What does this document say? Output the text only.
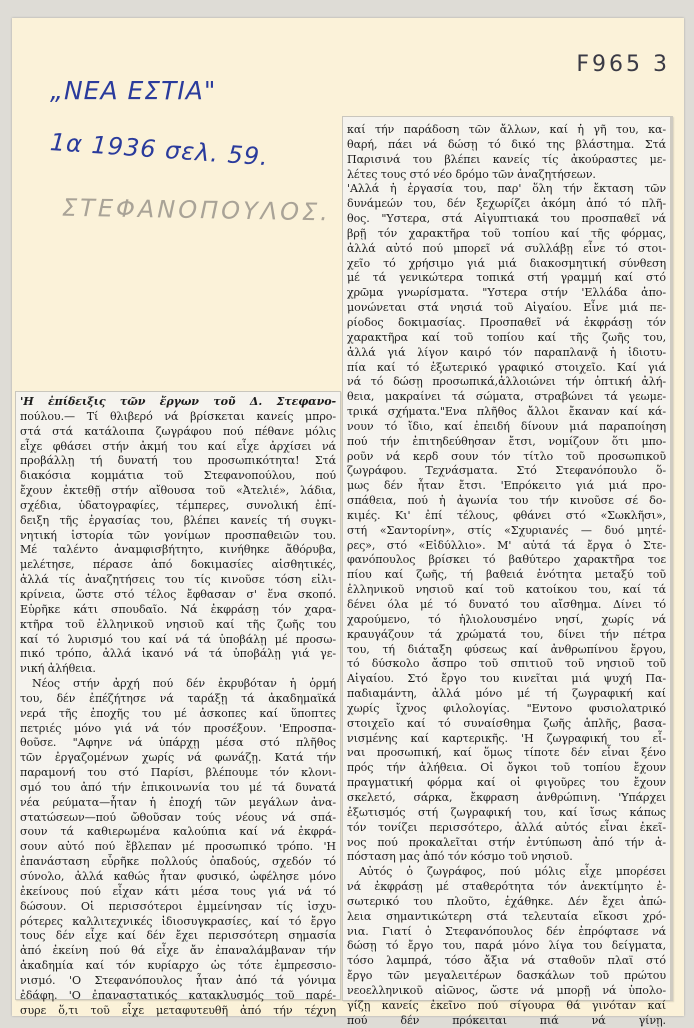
„ΝΕΑ ΕΣΤΙΑ"
1α 1936 σελ. 59.
F965 3
ΣΤΕΦΑΝΟΠΟΥΛΟΣ.
'Η ἐπίδειξις τῶν ἔργων τοῦ Δ. Στεφανο-
πούλου.— Τί θλιβερό νά βρίσκεται κανείς μπρο-
στά στά κατάλοιπα ζωγράφου πού πέθανε μόλις
εἶχε φθάσει στήν ἀκμή του καί εἶχε ἀρχίσει νά
προβάλλῃ τή δυνατή του προσωπικότητα! Στά
διακόσια κομμάτια τοῦ Στεφανοπούλου, πού
ἔχουν ἐκτεθῇ στήν αἴθουσα τοῦ «Ἀτελιέ», λάδια,
σχέδια, ὑδατογραφίες, τέμπερες, συνολική ἐπί-
δειξη τῆς ἐργασίας του, βλέπει κανείς τή συγκι-
νητική ἱστορία τῶν γονίμων προσπαθειῶν του.
Μέ ταλέντο ἀναμφισβήτητο, κινήθηκε ἄθόρυβα,
μελέτησε, πέρασε ἀπό δοκιμασίες αἰσθητικές,
ἀλλά τίς ἀναζητήσεις του τίς κινοῦσε τόση εἰλι-
κρίνεια, ὥστε στό τέλος ἔφθασαν σ' ἕνα σκοπό.
Εὑρῆκε κάτι σπουδαῖο. Νά ἐκφράσῃ τόν χαρα-
κτῆρα τοῦ ἑλληνικοῦ νησιοῦ καί τῆς ζωῆς του
καί τό λυρισμό του καί νά τά ὑποβάλῃ μέ προσω-
πικό τρόπο, ἀλλά ἱκανό νά τά ὑποβάλῃ γιά γε-
νική ἀλήθεια.
Νέος στήν ἀρχή πού δέν ἐκρυβόταν ἡ ὁρμή
του, δέν ἐπέζήτησε νά ταράξῃ τά ἀκαδημαϊκά
νερά τῆς ἐποχῆς του μέ ἀσκοπες καί ὕποπτες
πετριές μόνο γιά νά τόν προσέξουν. 'Επροσπα-
θοῦσε. "Αφηνε νά ὑπάρχῃ μέσα στό πλῆθος
τῶν ἐργαζομένων χωρίς νά φωνάζῃ. Κατά τήν
παραμονή του στό Παρίσι, βλέπουμε τόν κλονι-
σμό του ἀπό τήν ἐπικοινωνία του μέ τά δυνατά
νέα ρεύματα—ἦταν ἡ ἐποχή τῶν μεγάλων ἀνα-
στατώσεων—πού ὤθοῦσαν τούς νέους νά σπά-
σουν τά καθιερωμένα καλούπια καί νά ἐκφρά-
σουν αὐτό πού ἔβλεπαν μέ προσωπικό τρόπο. 'Η
ἐπανάσταση εὗρῆκε πολλούς ὀπαδούς, σχεδόν τό
σύνολο, ἀλλά καθώς ἦταν φυσικό, ὠφέλησε μόνο
ἐκείνους πού εἶχαν κάτι μέσα τους γιά νά τό
δώσουν. Οἱ περισσότεροι ἐμμείνησαν τίς ἰσχυ-
ρότερες καλλιτεχνικές ἰδιοσυγκρασίες, καί τό ἔργο
τους δέν εἶχε καί δέν ἔχει περισσότερη σημασία
ἀπό ἐκείνη πού θά εἶχε ἄν ἐπαναλάμβαναν τήν
ἀκαδημία καί τόν κυρίαρχο ὡς τότε ἐμπρεσσιο-
νισμό. 'Ο Στεφανόπουλος ἦταν ἀπό τά γόνιμα
ἐδάφη. 'Ο ἐπαναστατικός κατακλυσμός τοῦ παρέ-
συρε ὅ,τι τοῦ εἶχε μεταφυτευθῆ ἀπό τήν τέχνη
καί τήν παράδοση τῶν ἄλλων, καί ἡ γῆ του, κα-
θαρή, πάει νά δώσῃ τό δικό της βλάστημα. Στά
Παρισινά του βλέπει κανείς τίς ἀκούραστες με-
λέτες τους στό νέο δρόμο τῶν ἀναζητήσεων.
'Αλλά ἡ ἐργασία του, παρ' ὅλη τήν ἔκταση τῶν
δυνάμεών του, δέν ξεχωρίζει ἀκόμη ἀπό τό πλῆ-
θος. "Υστερα, στά Αἰγυπτιακά του προσπαθεῖ νά
βρῇ τόν χαρακτῆρα τοῦ τοπίου καί τῆς φόρμας,
ἀλλά αὐτό πού μπορεῖ νά συλλάβῃ εἶνε τό στοι-
χεῖο τό χρήσιμο γιά μιά διακοσμητική σύνθεση
μέ τά γενικώτερα τοπικά στή γραμμή καί στό
χρῶμα γνωρίσματα. "Υστερα στήν 'Ελλάδα ἀπο-
μονώνεται στά νησιά τοῦ Αἰγαίου. Εἶνε μιά πε-
ρίοδος δοκιμασίας. Προσπαθεῖ νά ἐκφράσῃ τόν
χαρακτῆρα καί τοῦ τοπίου καί τῆς ζωῆς του,
ἀλλά γιά λίγον καιρό τόν παραπλανᾷ ἡ ἰδιοτυ-
πία καί τό ἐξωτερικό γραφικό στοιχεῖο. Καί γιά
νά τό δώσῃ προσωπικά,ἀλλοιώνει τήν ὀπτική ἀλή-
θεια, μακραίνει τά σώματα, στραβώνει τά γεωμε-
τρικά σχήματα."Ενα πλῆθος ἄλλοι ἔκαναν καί κά-
νουν τό ἴδιο, καί ἐπειδή δίνουν μιά παραποίηση
πού τήν ἐπιτηδεύθησαν ἔτσι, νομίζουν ὅτι μπο-
ροῦν νά κερδ σουν τόν τίτλο τοῦ προσωπικοῦ
ζωγράφου. Τεχνάσματα. Στό Στεφανόπουλο ὅ-
μως δέν ἦταν ἔτσι. 'Επρόκειτο γιά μιά προ-
σπάθεια, πού ἡ ἀγωνία του τήν κινοῦσε σέ δο-
κιμές. Κι' ἐπί τέλους, φθάνει στό «Σωκλῆσι»,
στή «Σαντορίνη», στίς «Σχυριανές — δυό μητέ-
ρες», στό «Εἰδύλλιο». Μ' αὐτά τά ἔργα ὁ Στε-
φανόπουλος βρίσκει τό βαθύτερο χαρακτῆρα τοε
πίου καί ζωῆς, τή βαθειά ἑνότητα μεταξύ τοῦ
ἑλληνικοῦ νησιοῦ καί τοῦ κατοίκου του, καί τά
δένει όλα μέ τό δυνατό του αἴσθημα. Δίνει τό
χαρούμενο, τό ἡλιολουσμένο νησί, χωρίς νά
κραυγάζουν τά χρώματά του, δίνει τήν πέτρα
του, τή διάταξη φύσεως καί ἀνθρωπίνου ἔργου,
τό δύσκολο ἄσπρο τοῦ σπιτιοῦ τοῦ νησιοῦ τοῦ
Αἰγαίου. Στό ἔργο του κινεῖται μιά ψυχή Πα-
παδιαμάντη, ἀλλά μόνο μέ τή ζωγραφική καί
χωρίς ἴχνος φιλολογίας. "Εντονο φυσιολατρικό
στοιχεῖο καί τό συναίσθημα ζωῆς ἁπλῆς, βασα-
νισμένης καί καρτερικῆς. 'Η ζωγραφική του εἶ-
ναι προσωπική, καί ὅμως τίποτε δέν εἶναι ξένο
πρός τήν ἀλήθεια. Οἱ ὄγκοι τοῦ τοπίου ἔχουν
πραγματική φόρμα καί οἱ φιγοῦρες του ἔχουν
σκελετό, σάρκα, ἔκφραση ἀνθρώπινη. 'Υπάρχει
ἐξωτισμός στή ζωγραφική του, καί ἴσως κάπως
τόν τονίζει περισσότερο, ἀλλά αὐτός εἶναι ἐκεῖ-
νος πού προκαλεῖται στήν ἐντύπωση ἀπό τήν ἀ-
πόσταση μας ἀπό τόν κόσμο τοῦ νησιοῦ.
Αὐτός ὁ ζωγράφος, πού μόλις εἶχε μπορέσει
νά ἐκφράσῃ μέ σταθερότητα τόν ἀνεκτίμητο ἐ-
σωτερικό του πλοῦτο, ἐχάθηκε. Δέν ἔχει ἀπώ-
λεια σημαντικώτερη στά τελευταία εἴκοσι χρό-
νια. Γιατί ὁ Στεφανόπουλος δέν ἐπρόφτασε νά
δώσῃ τό ἔργο του, παρά μόνο λίγα του δείγματα,
τόσο λαμπρά, τόσο ἄξια νά σταθοῦν πλαϊ στό
ἔργο τῶν μεγαλειτέρων δασκάλων τοῦ πρώτου
νεοελληνικοῦ αἰῶνος, ὥστε νά μπορῇ νά ὑπολο-
γίζῃ κανείς ἐκεῖνο πού σίγουρα θά γινόταν καί
πού δέν πρόκειται πιά νά γίνῃ.
